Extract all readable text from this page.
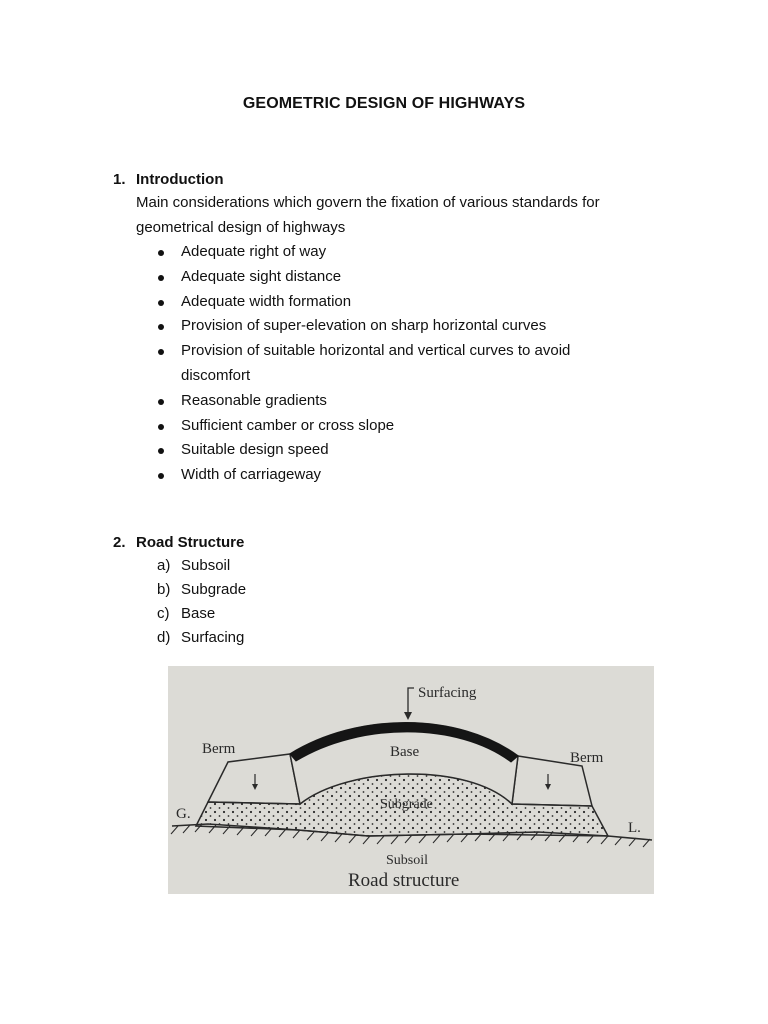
GEOMETRIC DESIGN OF HIGHWAYS
1. Introduction
Main considerations which govern the fixation of various standards for
geometrical design of highways
Adequate right of way
Adequate sight distance
Adequate width formation
Provision of super-elevation on sharp horizontal curves
Provision of suitable horizontal and vertical curves to avoid
discomfort
Reasonable gradients
Sufficient camber or cross slope
Suitable design speed
Width of carriageway
2. Road Structure
a) Subsoil
b) Subgrade
c) Base
d) Surfacing
Surfacing
Base
Berm
Berm
Subgrade
G.
L.
Subsoil
Road structure
